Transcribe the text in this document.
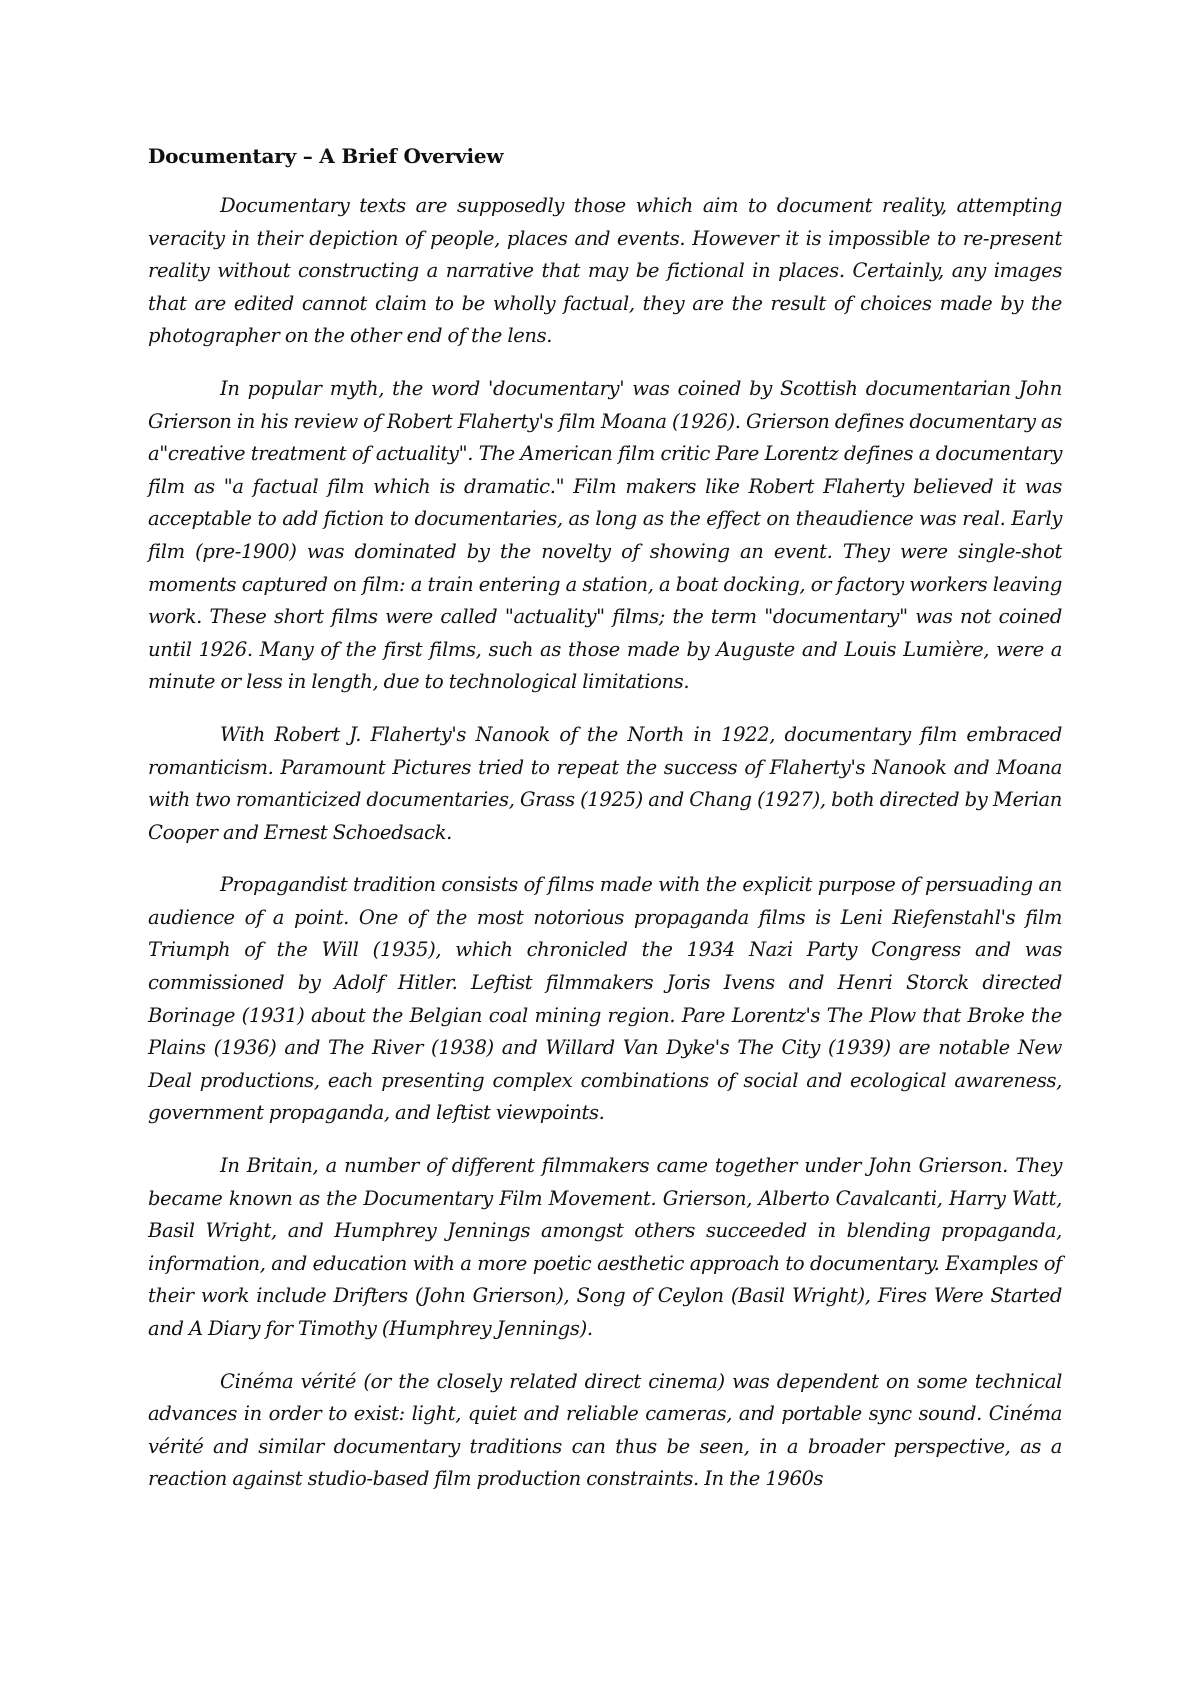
Documentary – A Brief Overview

Documentary texts are supposedly those which aim to document reality, attempting veracity in their depiction of people, places and events. However it is impossible to re-present reality without constructing a narrative that may be fictional in places. Certainly, any images that are edited cannot claim to be wholly factual, they are the result of choices made by the photographer on the other end of the lens.

In popular myth, the word 'documentary' was coined by Scottish documentarian John Grierson in his review of Robert Flaherty's film Moana (1926). Grierson defines documentary as a"creative treatment of actuality". The American film critic Pare Lorentz defines a documentary film as "a factual film which is dramatic." Film makers like Robert Flaherty believed it was acceptable to add fiction to documentaries, as long as the effect on theaudience was real. Early film (pre-1900) was dominated by the novelty of showing an event. They were single-shot moments captured on film: a train entering a station, a boat docking, or factory workers leaving work. These short films were called "actuality" films; the term "documentary" was not coined until 1926. Many of the first films, such as those made by Auguste and Louis Lumière, were a minute or less in length, due to technological limitations.

With Robert J. Flaherty's Nanook of the North in 1922, documentary film embraced romanticism. Paramount Pictures tried to repeat the success of Flaherty's Nanook and Moana with two romanticized documentaries, Grass (1925) and Chang (1927), both directed by Merian Cooper and Ernest Schoedsack.

Propagandist tradition consists of films made with the explicit purpose of persuading an audience of a point. One of the most notorious propaganda films is Leni Riefenstahl's film Triumph of the Will (1935), which chronicled the 1934 Nazi Party Congress and was commissioned by Adolf Hitler. Leftist filmmakers Joris Ivens and Henri Storck directed Borinage (1931) about the Belgian coal mining region. Pare Lorentz's The Plow that Broke the Plains (1936) and The River (1938) and Willard Van Dyke's The City (1939) are notable New Deal productions, each presenting complex combinations of social and ecological awareness, government propaganda, and leftist viewpoints.

In Britain, a number of different filmmakers came together under John Grierson. They became known as the Documentary Film Movement. Grierson, Alberto Cavalcanti, Harry Watt, Basil Wright, and Humphrey Jennings amongst others succeeded in blending propaganda, information, and education with a more poetic aesthetic approach to documentary. Examples of their work include Drifters (John Grierson), Song of Ceylon (Basil Wright), Fires Were Started and A Diary for Timothy (Humphrey Jennings).

Cinéma vérité (or the closely related direct cinema) was dependent on some technical advances in order to exist: light, quiet and reliable cameras, and portable sync sound. Cinéma vérité and similar documentary traditions can thus be seen, in a broader perspective, as a reaction against studio-based film production constraints. In the 1960s
